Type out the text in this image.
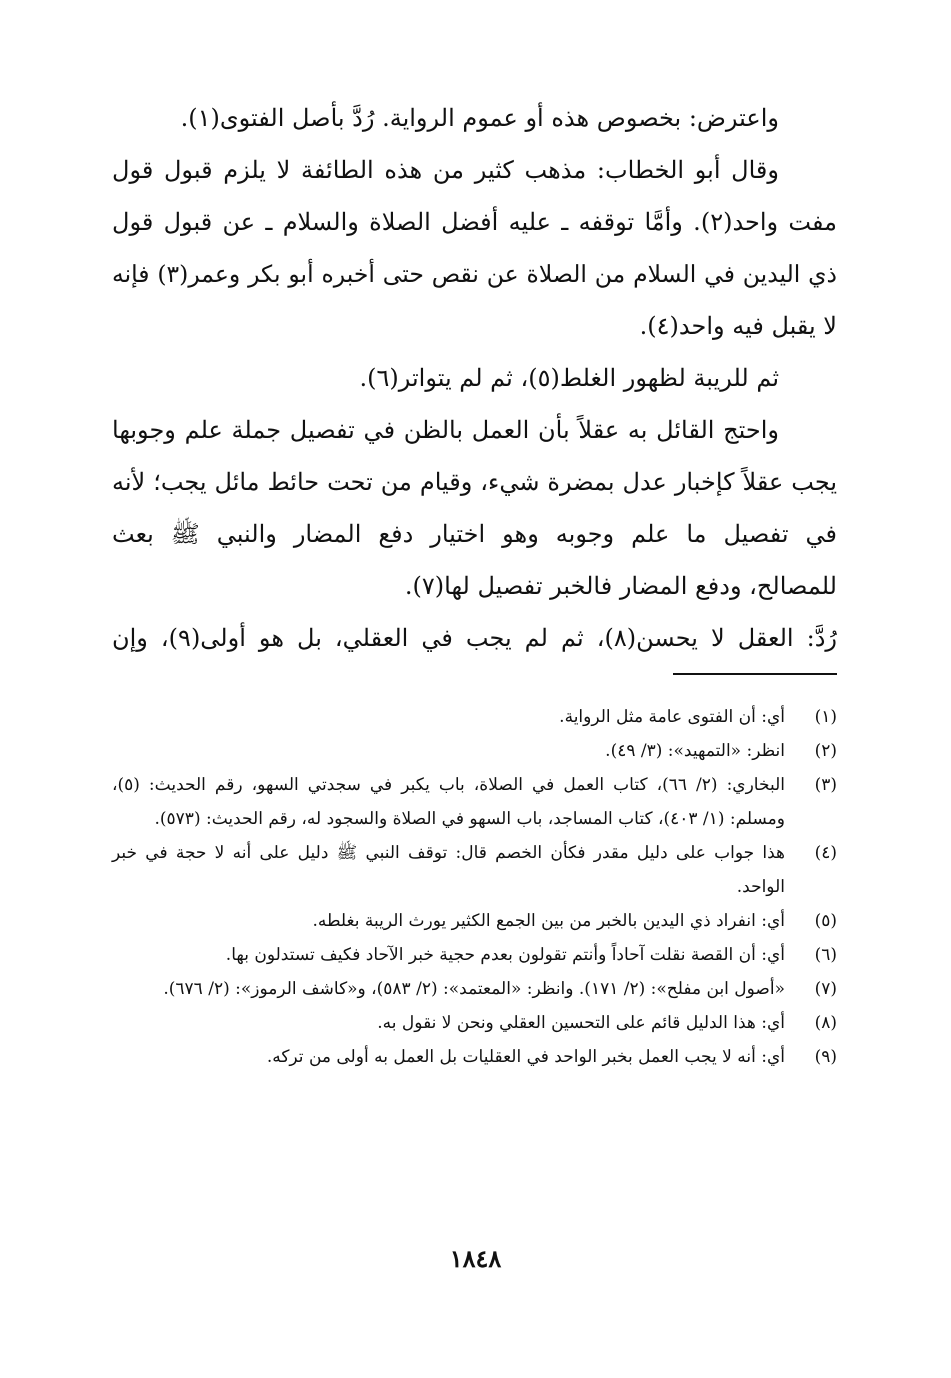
واعترض: بخصوص هذه أو عموم الرواية. رُدَّ بأصل الفتوى(١).
وقال أبو الخطاب: مذهب كثير من هذه الطائفة لا يلزم قبول قول
مفت واحد(٢). وأمَّا توقفه ـ عليه أفضل الصلاة والسلام ـ عن قبول قول
ذي اليدين في السلام من الصلاة عن نقص حتى أخبره أبو بكر وعمر(٣) فإنه
لا يقبل فيه واحد(٤).
ثم للريبة لظهور الغلط(٥)، ثم لم يتواتر(٦).
واحتج القائل به عقلاً بأن العمل بالظن في تفصيل جملة علم وجوبها
يجب عقلاً كإخبار عدل بمضرة شيء، وقيام من تحت حائط مائل يجب؛ لأنه
في تفصيل ما علم وجوبه وهو اختيار دفع المضار والنبي ﷺ بعث
للمصالح، ودفع المضار فالخبر تفصيل لها(٧).
رُدَّ: العقل لا يحسن(٨)، ثم لم يجب في العقلي، بل هو أولى(٩)، وإن
(١)
أي: أن الفتوى عامة مثل الرواية.
(٢)
انظر: «التمهيد»: (٣/ ٤٩).
(٣)
البخاري: (٢/ ٦٦)، كتاب العمل في الصلاة، باب يكبر في سجدتي السهو، رقم الحديث: (٥)، ومسلم: (١/ ٤٠٣)، كتاب المساجد، باب السهو في الصلاة والسجود له، رقم الحديث: (٥٧٣).
(٤)
هذا جواب على دليل مقدر فكأن الخصم قال: توقف النبي ﷺ دليل على أنه لا حجة في خبر الواحد.
(٥)
أي: انفراد ذي اليدين بالخبر من بين الجمع الكثير يورث الريبة بغلطه.
(٦)
أي: أن القصة نقلت آحاداً وأنتم تقولون بعدم حجية خبر الآحاد فكيف تستدلون بها.
(٧)
«أصول ابن مفلح»: (٢/ ١٧١). وانظر: «المعتمد»: (٢/ ٥٨٣)، و«كاشف الرموز»: (٢/ ٦٧٦).
(٨)
أي: هذا الدليل قائم على التحسين العقلي ونحن لا نقول به.
(٩)
أي: أنه لا يجب العمل بخبر الواحد في العقليات بل العمل به أولى من تركه.
١٨٤٨
